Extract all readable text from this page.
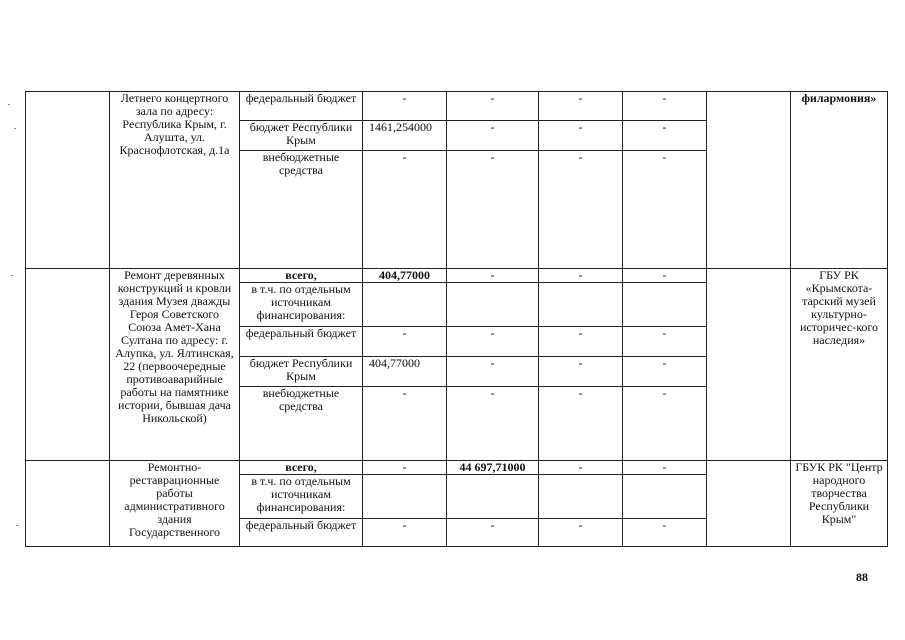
	Летнего концертного зала по адресу: Республика Крым, г. Алушта, ул. Краснофлотская, д.1а	федеральный бюджет	-	-	-	-		филармония»
		бюджет Республики Крым	1461,254000	-	-	-		
		внебюджетные средства	-	-	-	-		
	Ремонт деревянных конструкций и кровли здания Музея дважды Героя Советского Союза Амет-Хана Султана по адресу: г. Алупка, ул. Ялтинская, 22 (первоочередные противоаварийные работы на памятнике истории, бывшая дача Никольской)	всего,	404,77000	-	-	-		ГБУ РК «Крымскота-тарский музей культурно-историчес-кого наследия»
		в т.ч. по отдельным источникам финансирования:						
		федеральный бюджет	-	-	-	-		
		бюджет Республики Крым	404,77000	-	-	-		
		внебюджетные средства	-	-	-	-		
	Ремонтно-реставрационные работы административного здания Государственного	всего,	-	44 697,71000	-	-		ГБУК РК "Центр народного творчества Республики Крым"
		в т.ч. по отдельным источникам финансирования:						
		федеральный бюджет	-	-	-	-		
88
